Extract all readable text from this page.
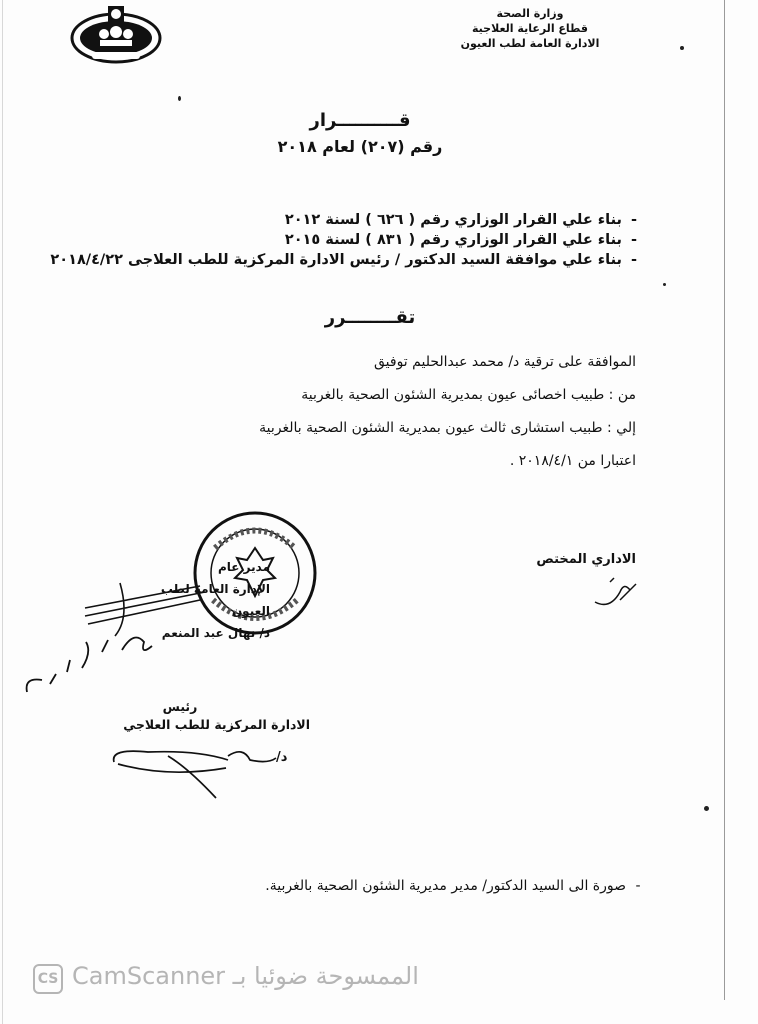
وزارة الصحة
قطاع الرعاية العلاجية
الادارة العامة لطب العيون
قــــــــــرار
رقم (٢٠٧) لعام ٢٠١٨
-بناء علي القرار الوزاري رقم ( ٦٢٦ ) لسنة ٢٠١٢
-بناء علي القرار الوزاري رقم ( ٨٣١ ) لسنة ٢٠١٥
-بناء علي موافقة السيد الدكتور / رئيس الادارة المركزية للطب العلاجى ٢٠١٨/٤/٢٢
تقــــــــرر
الموافقة على ترقية د/ محمد عبدالحليم توفيق
من : طبيب اخصائى عيون بمديرية الشئون الصحية بالغربية
إلي : طبيب استشارى ثالث عيون بمديرية الشئون الصحية بالغربية
اعتبارا من ٢٠١٨/٤/١ .
الاداري المختص
مدير عام
الإدارة العامة لطب العيون
د/ نهال عبد المنعم
رئيس
الادارة المركزية للطب العلاجي
د/
-صورة الى السيد الدكتور/ مدير مديرية الشئون الصحية بالغربية.
CS CamScanner الممسوحة ضوئيا بـ
